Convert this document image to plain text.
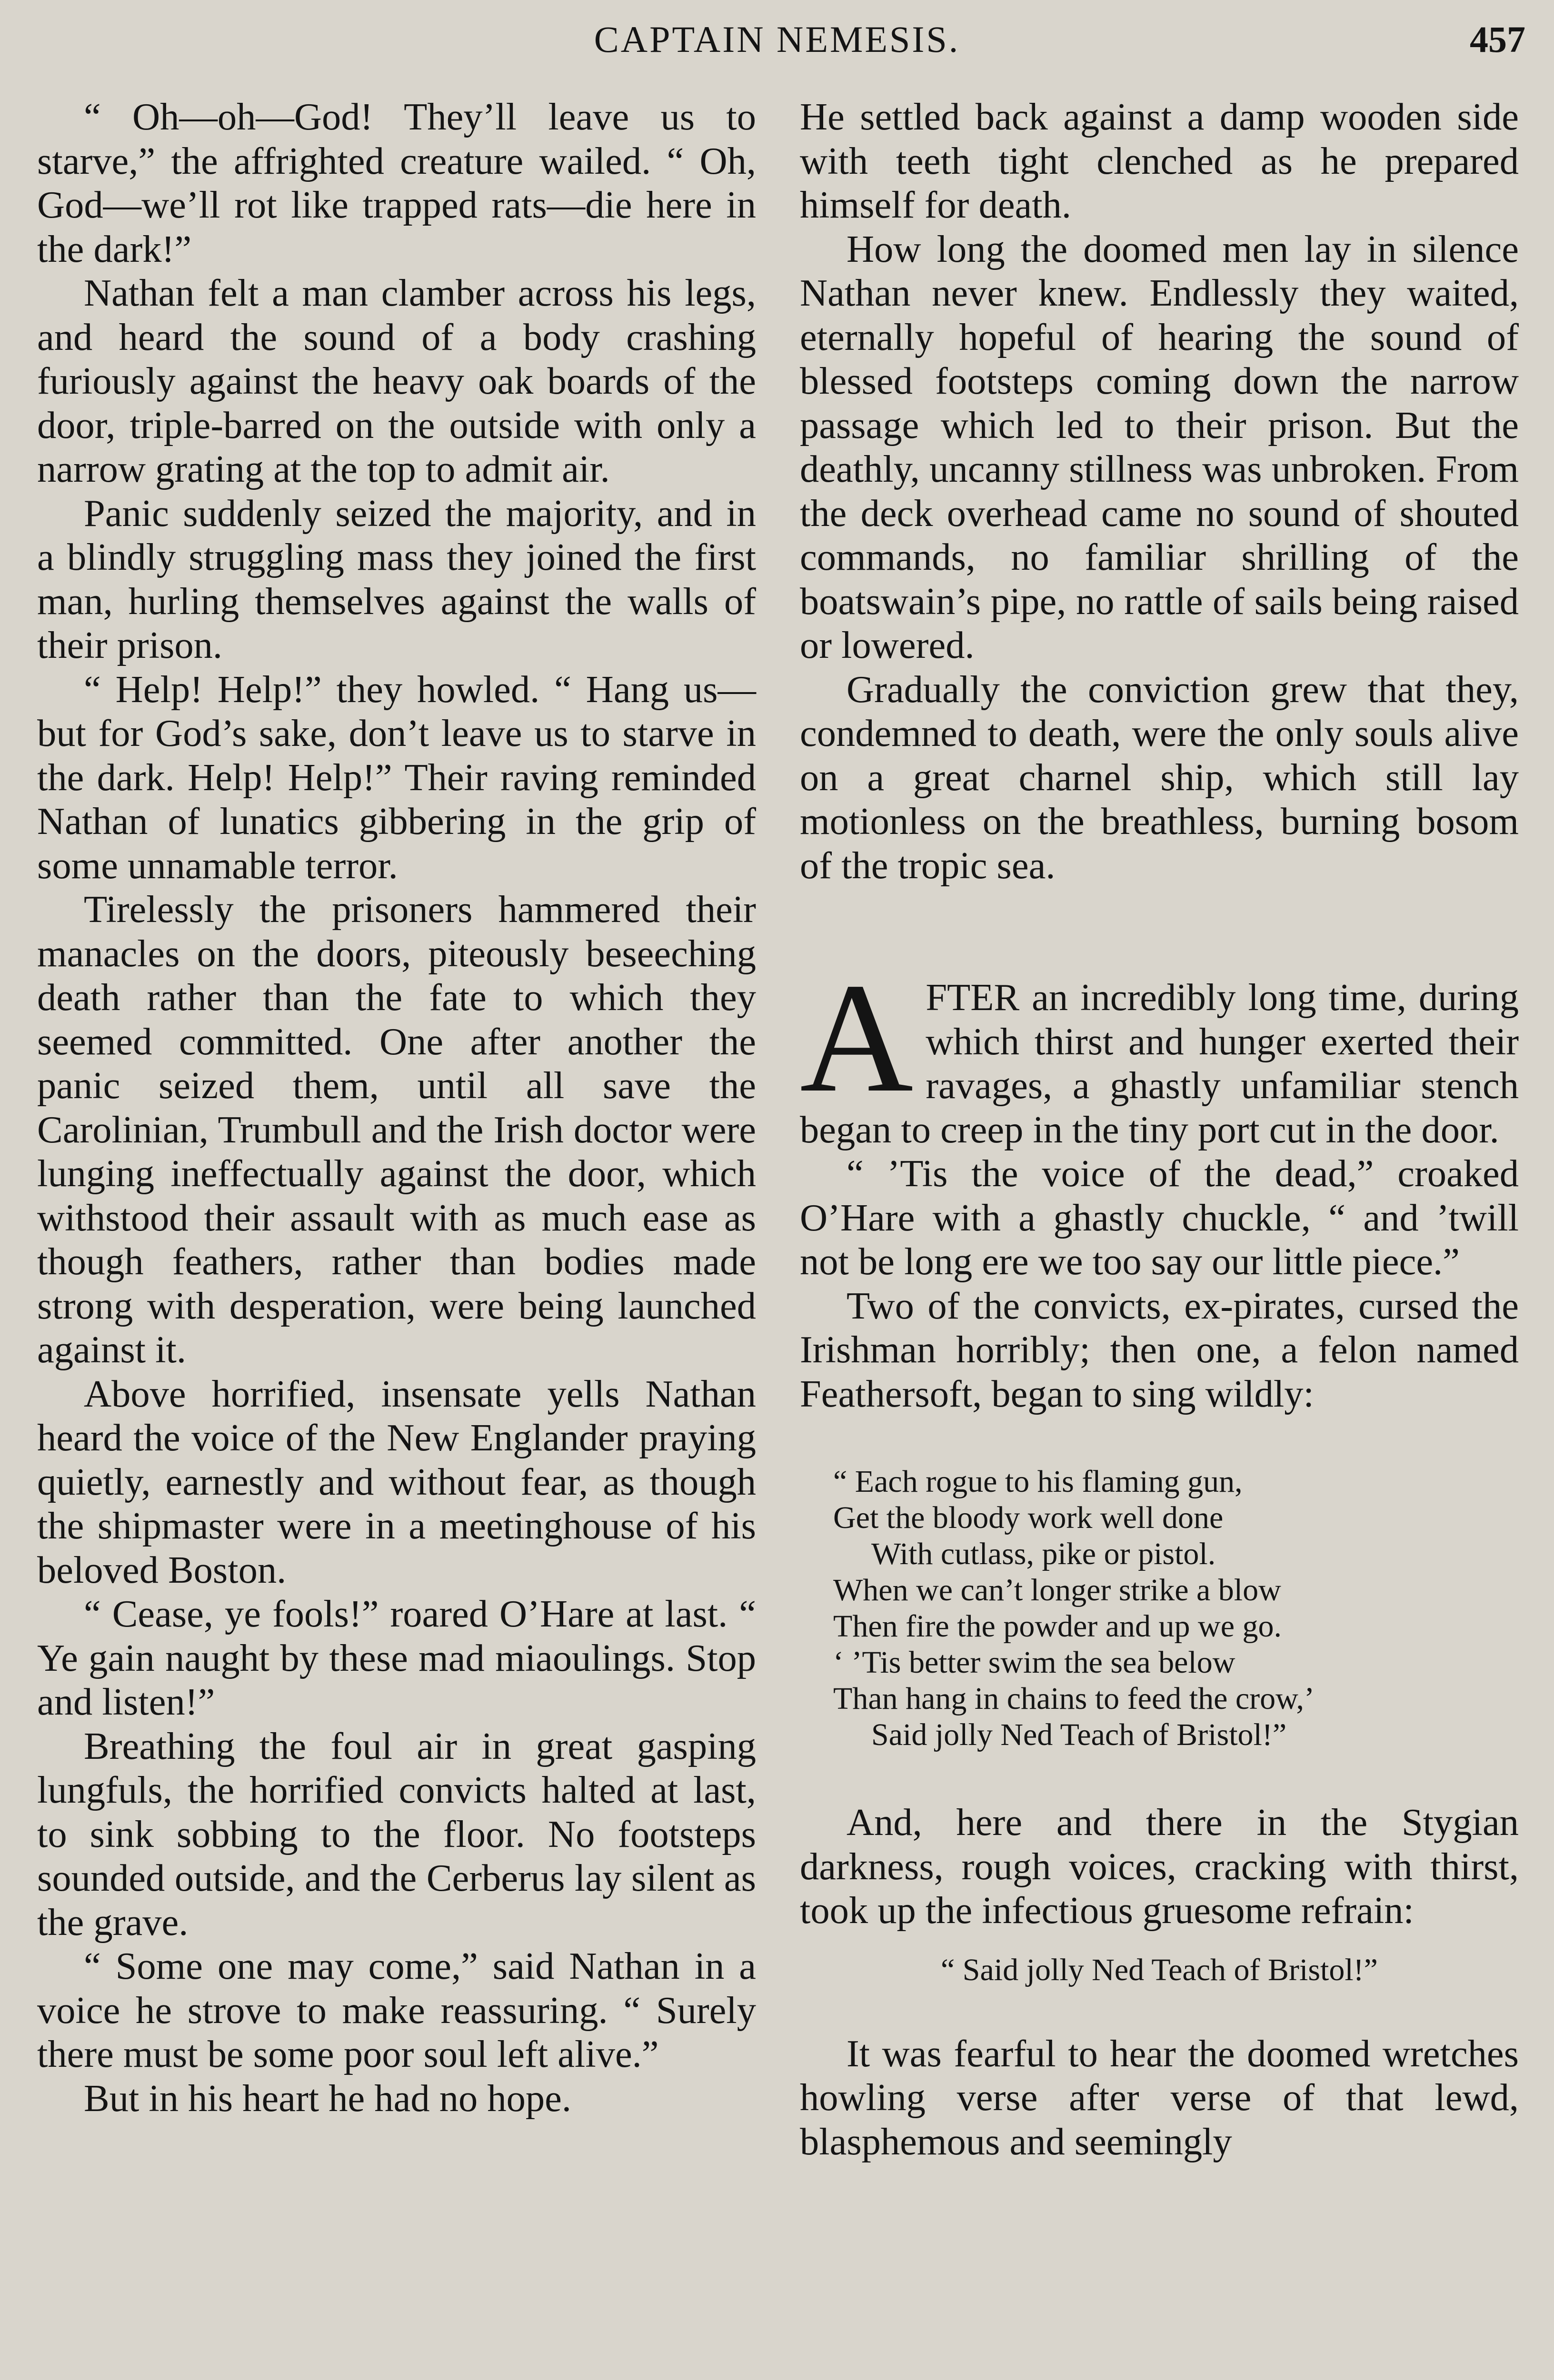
CAPTAIN NEMESIS.	457

“ Oh—oh—God! They’ll leave us to starve,” the affrighted creature wailed. “ Oh, God—we’ll rot like trapped rats—die here in the dark!”

Nathan felt a man clamber across his legs, and heard the sound of a body crashing furiously against the heavy oak boards of the door, triple-barred on the outside with only a narrow grating at the top to admit air.

Panic suddenly seized the majority, and in a blindly struggling mass they joined the first man, hurling themselves against the walls of their prison.

“ Help! Help!” they howled. “ Hang us—but for God’s sake, don’t leave us to starve in the dark. Help! Help!” Their raving reminded Nathan of lunatics gibbering in the grip of some unnamable terror.

Tirelessly the prisoners hammered their manacles on the doors, piteously beseeching death rather than the fate to which they seemed committed. One after another the panic seized them, until all save the Carolinian, Trumbull and the Irish doctor were lunging ineffectually against the door, which withstood their assault with as much ease as though feathers, rather than bodies made strong with desperation, were being launched against it.

Above horrified, insensate yells Nathan heard the voice of the New Englander praying quietly, earnestly and without fear, as though the shipmaster were in a meetinghouse of his beloved Boston.

“ Cease, ye fools!” roared O’Hare at last. “ Ye gain naught by these mad miaoulings. Stop and listen!”

Breathing the foul air in great gasping lungfuls, the horrified convicts halted at last, to sink sobbing to the floor. No footsteps sounded outside, and the Cerberus lay silent as the grave.

“ Some one may come,” said Nathan in a voice he strove to make reassuring. “ Surely there must be some poor soul left alive.”

But in his heart he had no hope.

He settled back against a damp wooden side with teeth tight clenched as he prepared himself for death.

How long the doomed men lay in silence Nathan never knew. Endlessly they waited, eternally hopeful of hearing the sound of blessed footsteps coming down the narrow passage which led to their prison. But the deathly, uncanny stillness was unbroken. From the deck overhead came no sound of shouted commands, no familiar shrilling of the boatswain’s pipe, no rattle of sails being raised or lowered.

Gradually the conviction grew that they, condemned to death, were the only souls alive on a great charnel ship, which still lay motionless on the breathless, burning bosom of the tropic sea.

AFTER an incredibly long time, during which thirst and hunger exerted their ravages, a ghastly unfamiliar stench began to creep in the tiny port cut in the door.

“ ’Tis the voice of the dead,” croaked O’Hare with a ghastly chuckle, “ and ’twill not be long ere we too say our little piece.”

Two of the convicts, ex-pirates, cursed the Irishman horribly; then one, a felon named Feathersoft, began to sing wildly:

“ Each rogue to his flaming gun,
Get the bloody work well done
With cutlass, pike or pistol.
When we can’t longer strike a blow
Then fire the powder and up we go.
‘ ’Tis better swim the sea below
Than hang in chains to feed the crow,’
Said jolly Ned Teach of Bristol!”

And, here and there in the Stygian darkness, rough voices, cracking with thirst, took up the infectious gruesome refrain:

“ Said jolly Ned Teach of Bristol!”

It was fearful to hear the doomed wretches howling verse after verse of that lewd, blasphemous and seemingly
